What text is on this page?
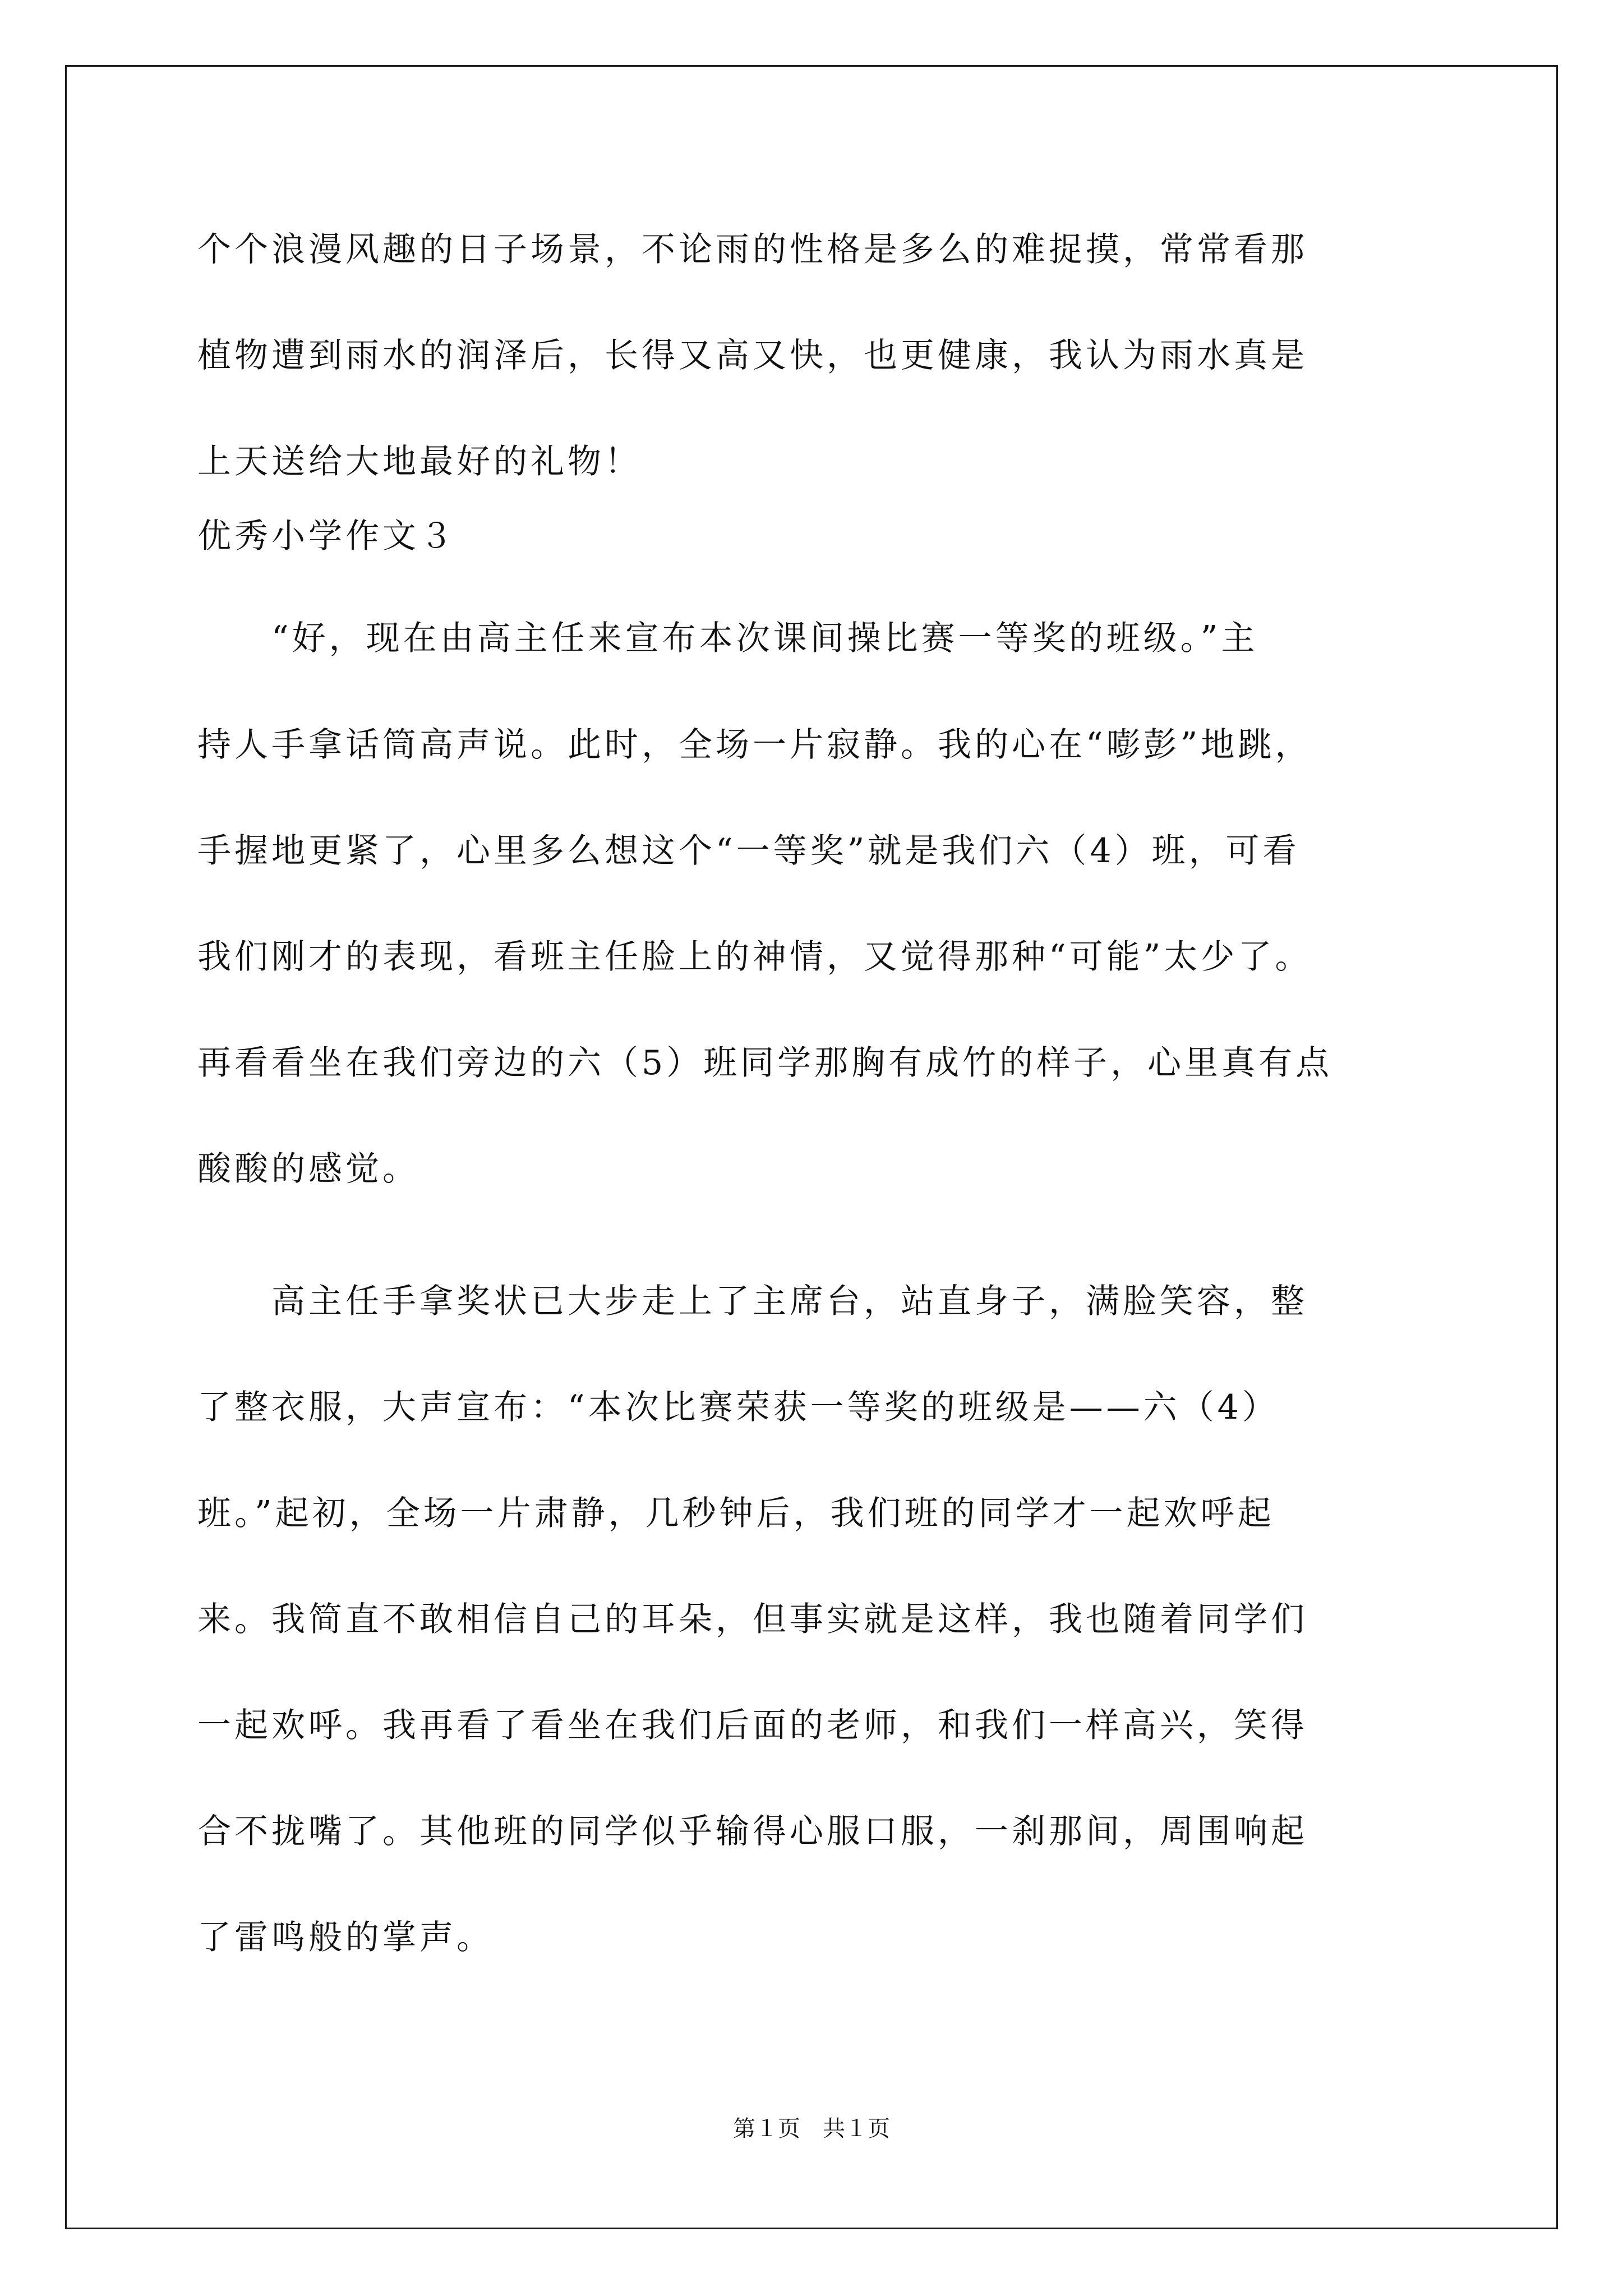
个个浪漫风趣的日子场景，不论雨的性格是多么的难捉摸，常常看那
植物遭到雨水的润泽后，长得又高又快，也更健康，我认为雨水真是
上天送给大地最好的礼物！
优秀小学作文３
　　“好，现在由高主任来宣布本次课间操比赛一等奖的班级。”主
持人手拿话筒高声说。此时，全场一片寂静。我的心在“嘭彭”地跳，
手握地更紧了，心里多么想这个“一等奖”就是我们六（4）班，可看
我们刚才的表现，看班主任脸上的神情，又觉得那种“可能”太少了。
再看看坐在我们旁边的六（5）班同学那胸有成竹的样子，心里真有点
酸酸的感觉。
　　高主任手拿奖状已大步走上了主席台，站直身子，满脸笑容，整
了整衣服，大声宣布：“本次比赛荣获一等奖的班级是——六（4）
班。”起初，全场一片肃静，几秒钟后，我们班的同学才一起欢呼起
来。我简直不敢相信自己的耳朵，但事实就是这样，我也随着同学们
一起欢呼。我再看了看坐在我们后面的老师，和我们一样高兴，笑得
合不拢嘴了。其他班的同学似乎输得心服口服，一刹那间，周围响起
了雷鸣般的掌声。
第１页　共１页
